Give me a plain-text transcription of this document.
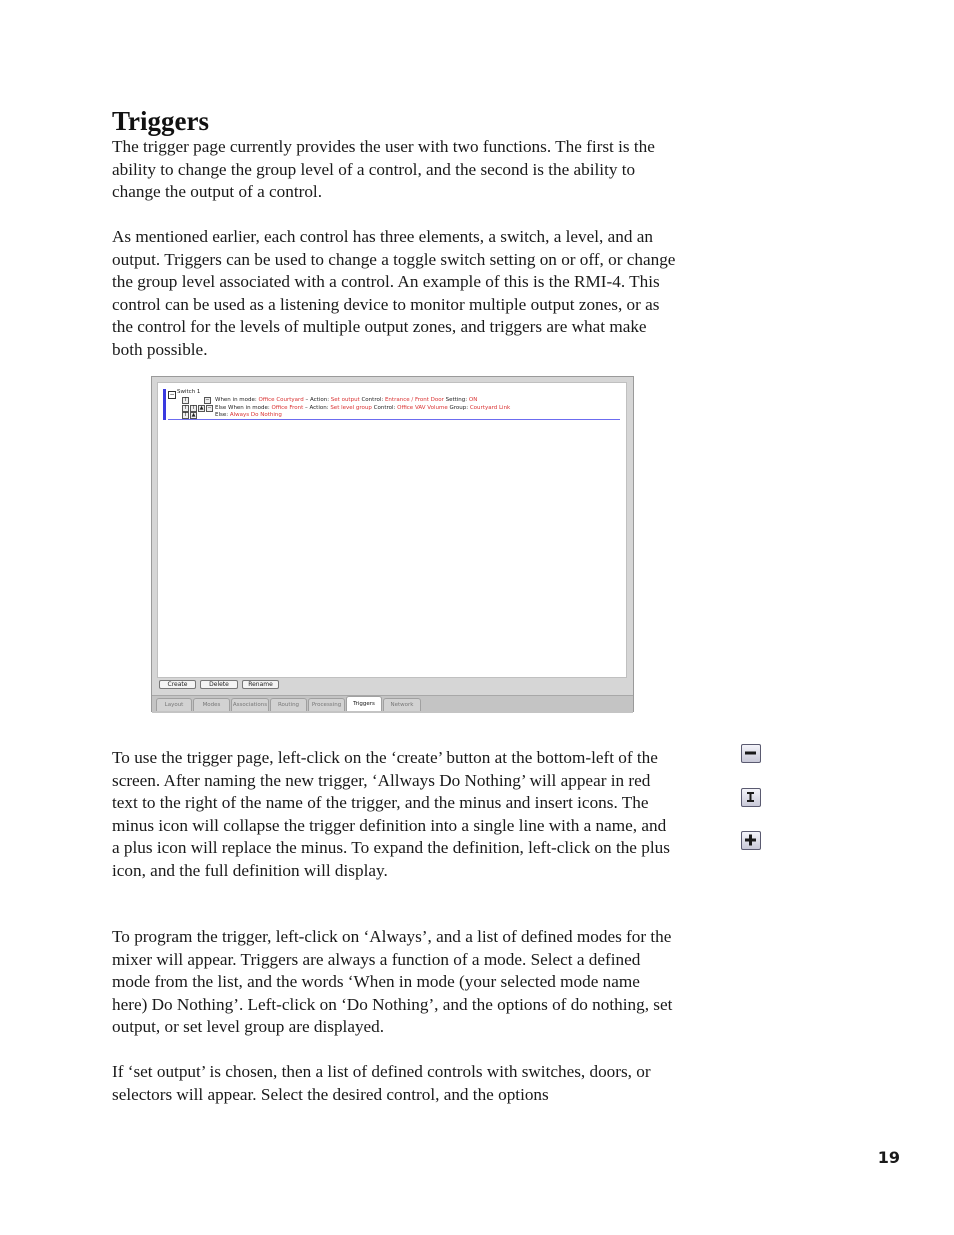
Triggers

The trigger page currently provides the user with two functions. The first is the ability to change the group level of a control, and the second is the ability to change the output of a control.

As mentioned earlier, each control has three elements, a switch, a level, and an output. Triggers can be used to change a toggle switch setting on or off, or change the group level associated with a control. An example of this is the RMI-4. This control can be used as a listening device to monitor multiple output zones, or as the control for the levels of multiple output zones, and triggers are what make both possible.

− Switch 1
I	− When in mode: Office Courtyard – Action: Set output Control: Entrance / Front Door Setting: ON
I	I	▲ − Else When in mode: Office Front – Action: Set level group Control: Office VAV Volume Group: Courtyard Link
I	▲	Else: Always Do Nothing
Create	Delete	Rename
Layout	Modes	Associations	Routing	Processing	Triggers	Network

To use the trigger page, left-click on the ‘create’ button at the bottom-left of the screen. After naming the new trigger, ‘Allways Do Nothing’ will appear in red text to the right of the name of the trigger, and the minus and insert icons. The minus icon will collapse the trigger definition into a single line with a name, and a plus icon will replace the minus. To expand the definition, left-click on the plus icon, and the full definition will display.

To program the trigger, left-click on ‘Always’, and a list of defined modes for the mixer will appear. Triggers are always a function of a mode. Select a defined mode from the list, and the words ‘When in mode (your selected mode name here) Do Nothing’. Left-click on ‘Do Nothing’, and the options of do nothing, set output, or set level group are displayed.

If ‘set output’ is chosen, then a list of defined controls with switches, doors, or selectors will appear. Select the desired control, and the options

19
